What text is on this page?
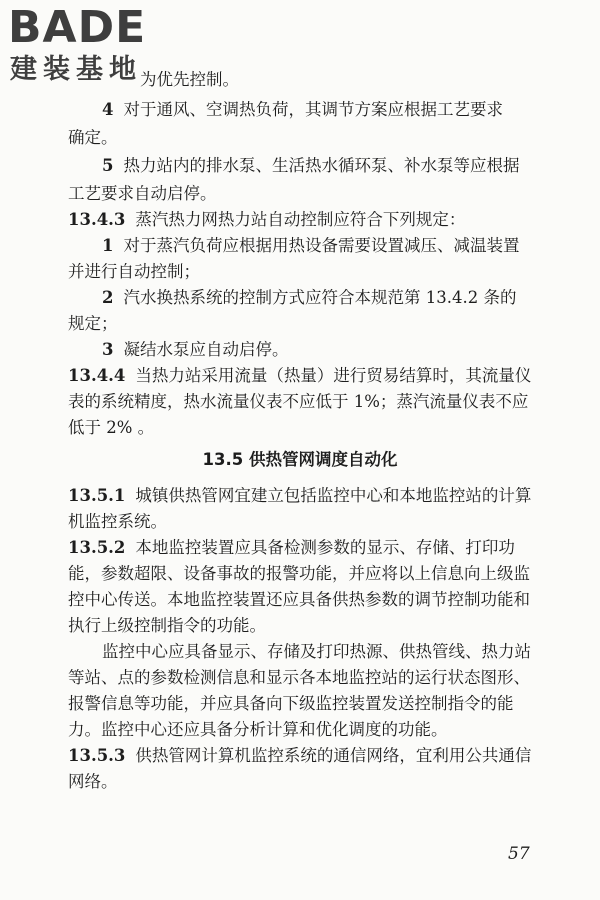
BADE
建装基地
为优先控制。
4 对于通风、空调热负荷，其调节方案应根据工艺要求
确定。
5 热力站内的排水泵、生活热水循环泵、补水泵等应根据
工艺要求自动启停。
13.4.3 蒸汽热力网热力站自动控制应符合下列规定：
1 对于蒸汽负荷应根据用热设备需要设置减压、减温装置
并进行自动控制；
2 汽水换热系统的控制方式应符合本规范第 13.4.2 条的
规定；
3 凝结水泵应自动启停。
13.4.4 当热力站采用流量（热量）进行贸易结算时，其流量仪
表的系统精度，热水流量仪表不应低于 1%；蒸汽流量仪表不应
低于 2% 。
13.5 供热管网调度自动化
13.5.1 城镇供热管网宜建立包括监控中心和本地监控站的计算
机监控系统。
13.5.2 本地监控装置应具备检测参数的显示、存储、打印功
能，参数超限、设备事故的报警功能，并应将以上信息向上级监
控中心传送。本地监控装置还应具备供热参数的调节控制功能和
执行上级控制指令的功能。
监控中心应具备显示、存储及打印热源、供热管线、热力站
等站、点的参数检测信息和显示各本地监控站的运行状态图形、
报警信息等功能，并应具备向下级监控装置发送控制指令的能
力。监控中心还应具备分析计算和优化调度的功能。
13.5.3 供热管网计算机监控系统的通信网络，宜利用公共通信
网络。
57
